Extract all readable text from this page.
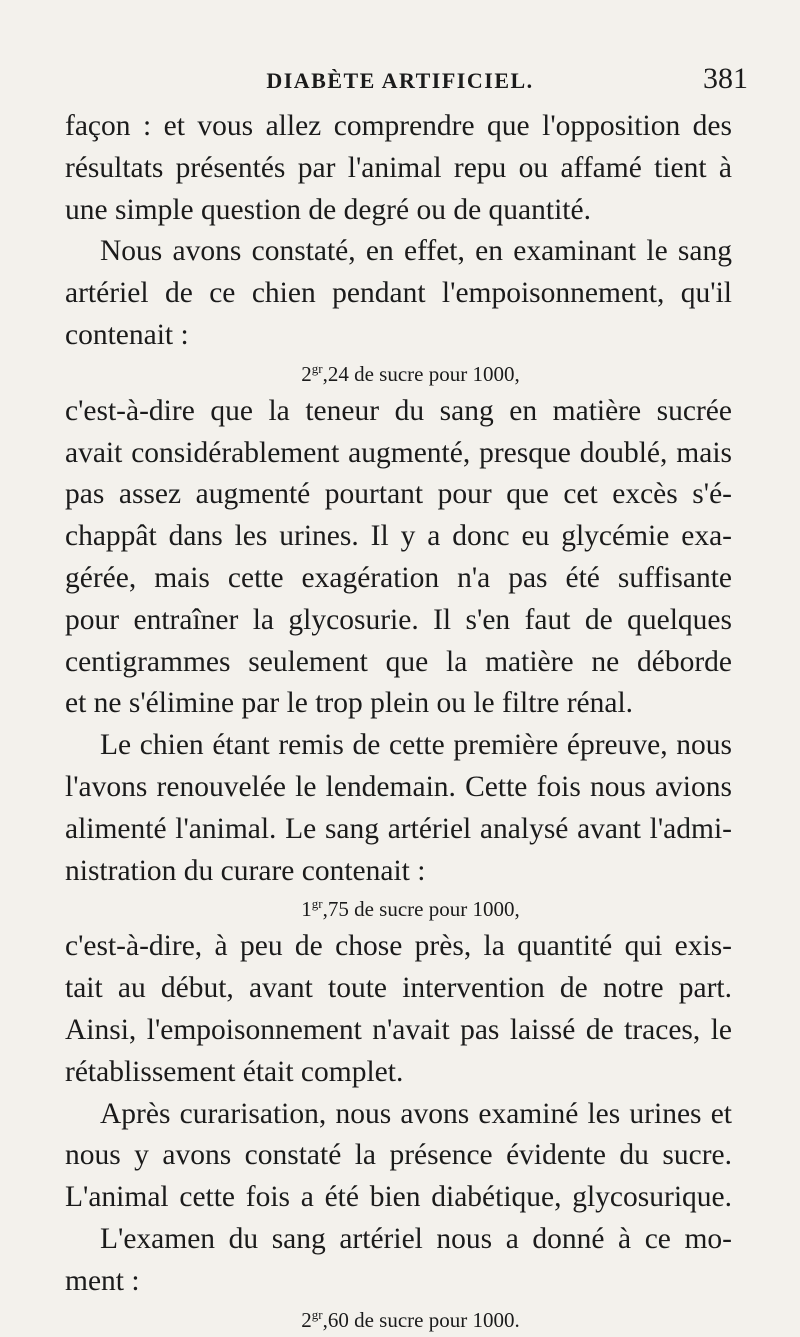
DIABÈTE ARTIFICIEL.	381

façon : et vous allez comprendre que l'opposition des

résultats présentés par l'animal repu ou affamé tient à

une simple question de degré ou de quantité.

Nous avons constaté, en effet, en examinant le sang

artériel de ce chien pendant l'empoisonnement, qu'il

contenait :

$2^{gr},24$ de sucre pour 1000,

c'est-à-dire que la teneur du sang en matière sucrée

avait considérablement augmenté, presque doublé, mais

pas assez augmenté pourtant pour que cet excès s'é-

chappât dans les urines. Il y a donc eu glycémie exa-

gérée, mais cette exagération n'a pas été suffisante

pour entraîner la glycosurie. Il s'en faut de quelques

centigrammes seulement que la matière ne déborde

et ne s'élimine par le trop plein ou le filtre rénal.

Le chien étant remis de cette première épreuve, nous

l'avons renouvelée le lendemain. Cette fois nous avions

alimenté l'animal. Le sang artériel analysé avant l'admi-

nistration du curare contenait :

$1^{gr},75$ de sucre pour 1000,

c'est-à-dire, à peu de chose près, la quantité qui exis-

tait au début, avant toute intervention de notre part.

Ainsi, l'empoisonnement n'avait pas laissé de traces, le

rétablissement était complet.

Après curarisation, nous avons examiné les urines et

nous y avons constaté la présence évidente du sucre.

L'animal cette fois a été bien diabétique, glycosurique.

L'examen du sang artériel nous a donné à ce mo-

ment :

$2^{gr},60$ de sucre pour 1000.
